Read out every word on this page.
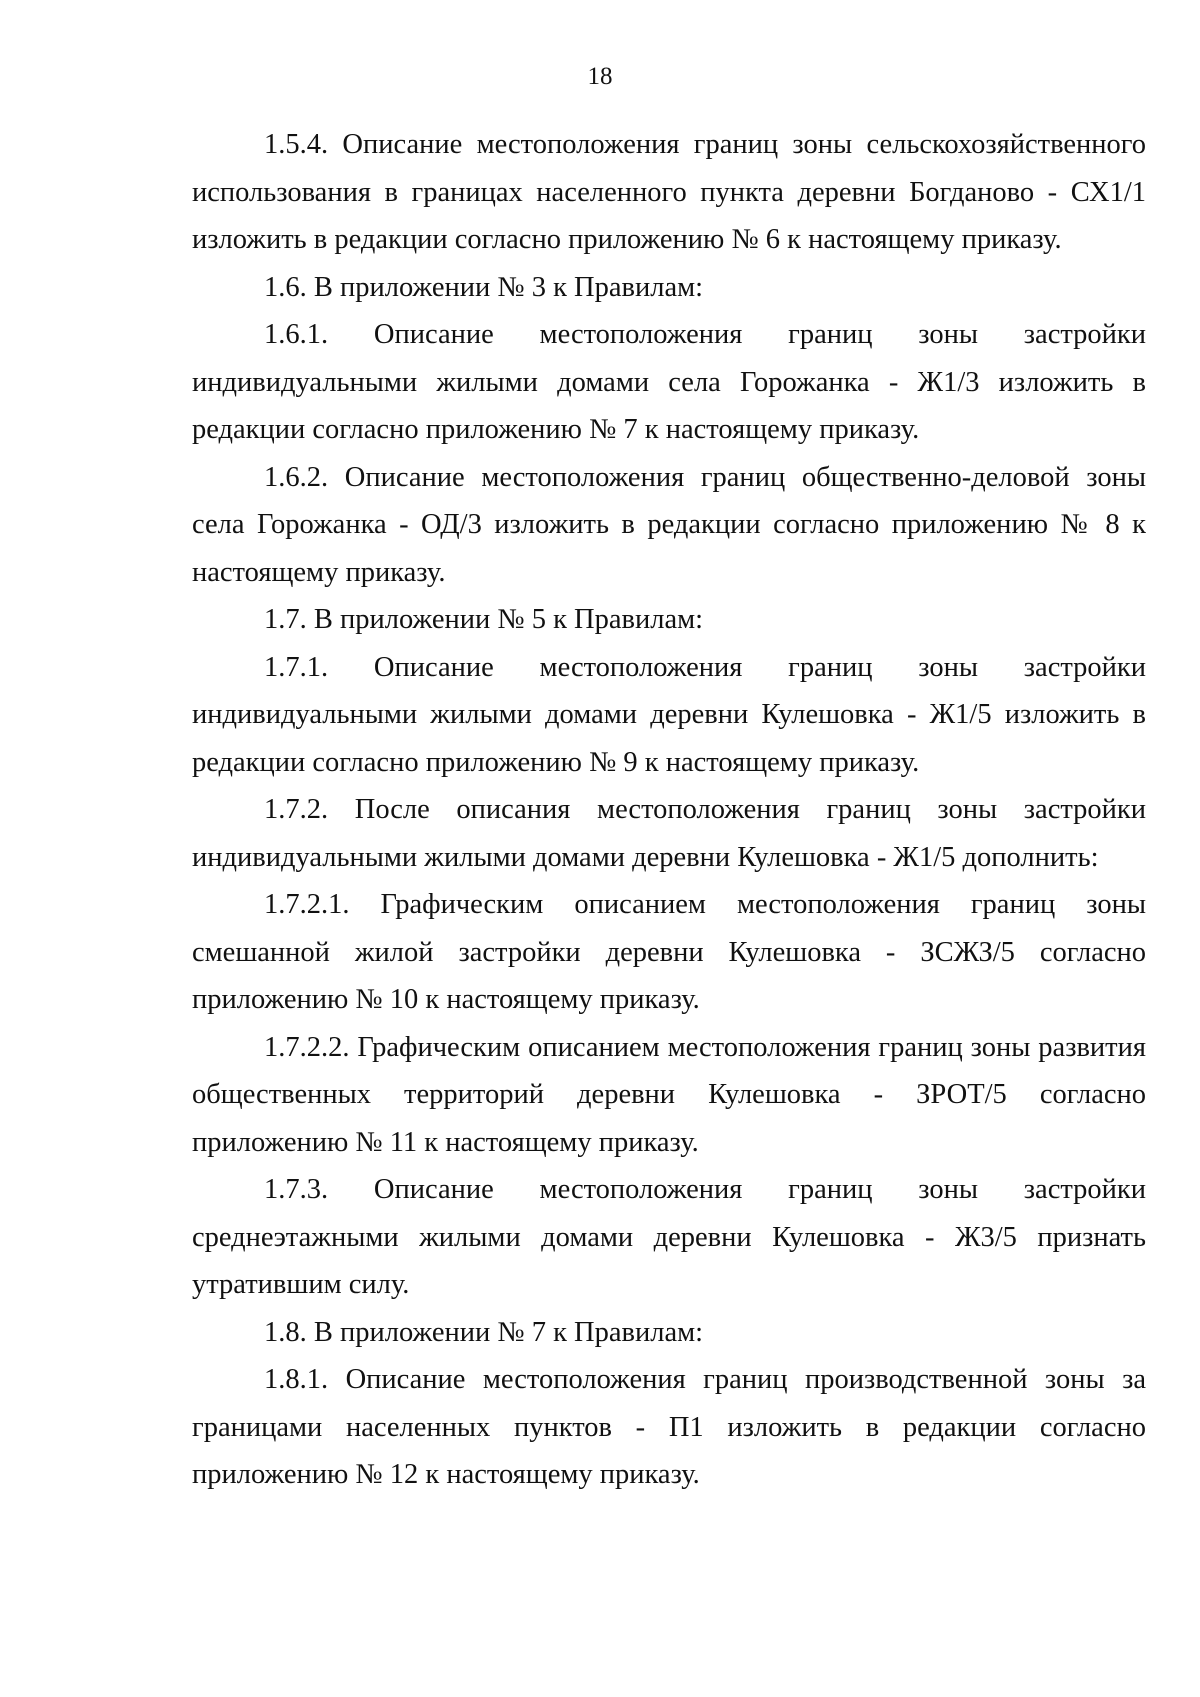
18

1.5.4. Описание местоположения границ зоны сельскохозяйственного использования в границах населенного пункта деревни Богданово - СХ1/1 изложить в редакции согласно приложению № 6 к настоящему приказу.

1.6. В приложении № 3 к Правилам:

1.6.1. Описание местоположения границ зоны застройки индивидуальными жилыми домами села Горожанка - Ж1/3 изложить в редакции согласно приложению № 7 к настоящему приказу.

1.6.2. Описание местоположения границ общественно-деловой зоны села Горожанка - ОД/3 изложить в редакции согласно приложению № 8 к настоящему приказу.

1.7. В приложении № 5 к Правилам:

1.7.1. Описание местоположения границ зоны застройки индивидуальными жилыми домами деревни Кулешовка - Ж1/5 изложить в редакции согласно приложению № 9 к настоящему приказу.

1.7.2. После описания местоположения границ зоны застройки индивидуальными жилыми домами деревни Кулешовка - Ж1/5 дополнить:

1.7.2.1. Графическим описанием местоположения границ зоны смешанной жилой застройки деревни Кулешовка - ЗСЖЗ/5 согласно приложению № 10 к настоящему приказу.

1.7.2.2. Графическим описанием местоположения границ зоны развития общественных территорий деревни Кулешовка - ЗРОТ/5 согласно приложению № 11 к настоящему приказу.

1.7.3. Описание местоположения границ зоны застройки среднеэтажными жилыми домами деревни Кулешовка - Ж3/5 признать утратившим силу.

1.8. В приложении № 7 к Правилам:

1.8.1. Описание местоположения границ производственной зоны за границами населенных пунктов - П1 изложить в редакции согласно приложению № 12 к настоящему приказу.
